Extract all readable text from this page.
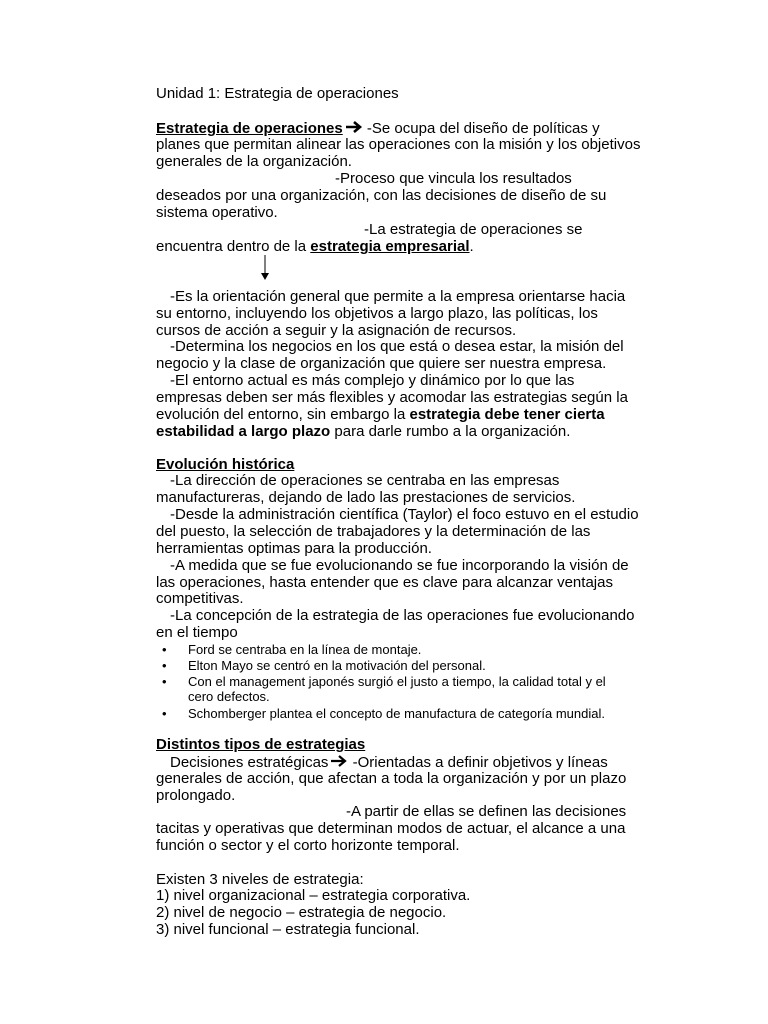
Unidad 1: Estrategia de operaciones
Estrategia de operaciones -Se ocupa del diseño de políticas y
planes que permitan alinear las operaciones con la misión y los objetivos
generales de la organización.
-Proceso que vincula los resultados
deseados por una organización, con las decisiones de diseño de su
sistema operativo.
-La estrategia de operaciones se
encuentra dentro de la estrategia empresarial.
-Es la orientación general que permite a la empresa orientarse hacia
su entorno, incluyendo los objetivos a largo plazo, las políticas, los
cursos de acción a seguir y la asignación de recursos.
-Determina los negocios en los que está o desea estar, la misión del
negocio y la clase de organización que quiere ser nuestra empresa.
-El entorno actual es más complejo y dinámico por lo que las
empresas deben ser más flexibles y acomodar las estrategias según la
evolución del entorno, sin embargo la estrategia debe tener cierta
estabilidad a largo plazo para darle rumbo a la organización.
Evolución histórica
-La dirección de operaciones se centraba en las empresas
manufactureras, dejando de lado las prestaciones de servicios.
-Desde la administración científica (Taylor) el foco estuvo en el estudio
del puesto, la selección de trabajadores y la determinación de las
herramientas optimas para la producción.
-A medida que se fue evolucionando se fue incorporando la visión de
las operaciones, hasta entender que es clave para alcanzar ventajas
competitivas.
-La concepción de la estrategia de las operaciones fue evolucionando
en el tiempo
• Ford se centraba en la línea de montaje.
• Elton Mayo se centró en la motivación del personal.
• Con el management japonés surgió el justo a tiempo, la calidad total y el
cero defectos.
• Schomberger plantea el concepto de manufactura de categoría mundial.
Distintos tipos de estrategias
Decisiones estratégicas -Orientadas a definir objetivos y líneas
generales de acción, que afectan a toda la organización y por un plazo
prolongado.
-A partir de ellas se definen las decisiones
tacitas y operativas que determinan modos de actuar, el alcance a una
función o sector y el corto horizonte temporal.
Existen 3 niveles de estrategia:
1) nivel organizacional – estrategia corporativa.
2) nivel de negocio – estrategia de negocio.
3) nivel funcional – estrategia funcional.
